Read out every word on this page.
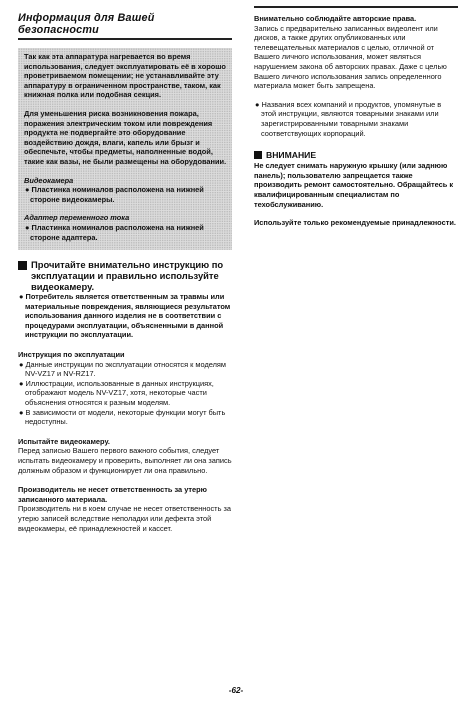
Информация для Вашей
безопасности

Так как эта аппаратура нагревается во время использования, следует эксплуатировать её в хорошо проветриваемом помещении; не устанавливайте эту аппаратуру в ограниченном пространстве, таком, как книжная полка или подобная секция.

Для уменьшения риска возникновения пожара, поражения электрическим током или повреждения продукта не подвергайте это оборудование воздействию дождя, влаги, капель или брызг и обеспечьте, чтобы предметы, наполненные водой, такие как вазы, не были размещены на оборудовании.

Видеокамера

● Пластинка номиналов расположена на нижней стороне видеокамеры.

Адаптер переменного тока

● Пластинка номиналов расположена на нижней стороне адаптера.

Прочитайте внимательно инструкцию по эксплуатации и правильно используйте видеокамеру.
● Потребитель является ответственным за травмы или материальные повреждения, являющиеся результатом использования данного изделия не в соответствии с процедурами эксплуатации, объясненными в данной инструкции по эксплуатации.

Инструкция по эксплуатации

● Данные инструкции по эксплуатации относятся к моделям NV-VZ17 и NV-RZ17.
● Иллюстрации, использованные в данных инструкциях, отображают модель NV-VZ17, хотя, некоторые части объяснения относятся к разным моделям.
● В зависимости от модели, некоторые функции могут быть недоступны.

Испытайте видеокамеру.

Перед записью Вашего первого важного события, следует испытать видеокамеру и проверить, выполняет ли она запись должным образом и функционирует ли она правильно.

Производитель не несет ответственность за утерю записанного материала.

Производитель ни в коем случае не несет ответственность за утерю записей вследствие неполадки или дефекта этой видеокамеры, её принадлежностей и кассет.

Внимательно соблюдайте авторские права.

Запись с предварительно записанных видеолент или дисков, а также других опубликованных или телевещательных материалов с целью, отличной от Вашего личного использования, может являться нарушением закона об авторских правах. Даже с целью Вашего личного использования запись определенного материала может быть запрещена.

● Названия всех компаний и продуктов, упомянутые в этой инструкции, являются товарными знаками или зарегистрированными товарными знаками соответствующих корпораций.
ВНИМАНИЕ

Не следует снимать наружную крышку (или заднюю панель); пользователю запрещается также производить ремонт самостоятельно. Обращайтесь к квалифицированным специалистам по техобслуживанию.

Используйте только рекомендуемые принадлежности.

-62-
